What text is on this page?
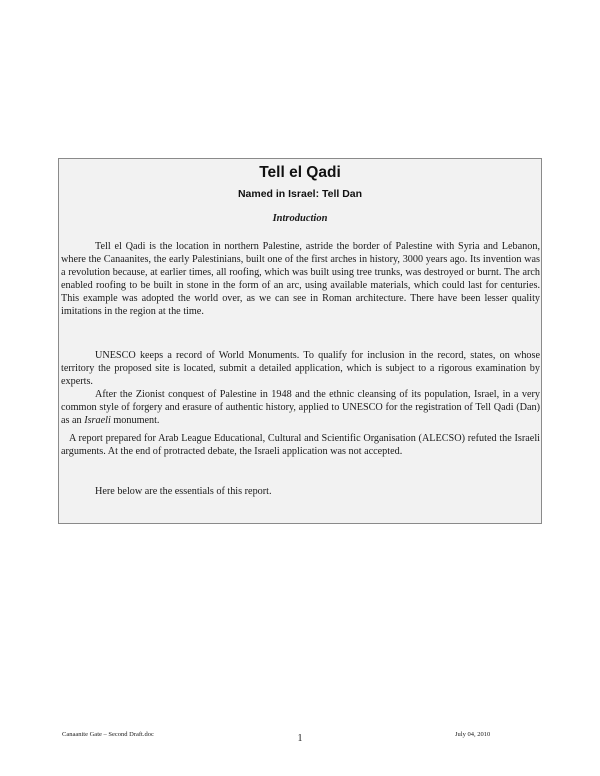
Tell el Qadi
Named in Israel: Tell Dan
Introduction

Tell el Qadi is the location in northern Palestine, astride the border of Palestine with Syria and Lebanon, where the Canaanites, the early Palestinians, built one of the first arches in history, 3000 years ago. Its invention was a revolution because, at earlier times, all roofing, which was built using tree trunks, was destroyed or burnt. The arch enabled roofing to be built in stone in the form of an arc, using available materials, which could last for centuries. This example was adopted the world over, as we can see in Roman architecture. There have been lesser quality imitations in the region at the time.

UNESCO keeps a record of World Monuments. To qualify for inclusion in the record, states, on whose territory the proposed site is located, submit a detailed application, which is subject to a rigorous examination by experts.

After the Zionist conquest of Palestine in 1948 and the ethnic cleansing of its population, Israel, in a very common style of forgery and erasure of authentic history, applied to UNESCO for the registration of Tell Qadi (Dan) as an Israeli monument.

A report prepared for Arab League Educational, Cultural and Scientific Organisation (ALECSO) refuted the Israeli arguments. At the end of protracted debate, the Israeli application was not accepted.

Here below are the essentials of this report.

Canaanite Gate – Second Draft.doc	1	July 04, 2010
